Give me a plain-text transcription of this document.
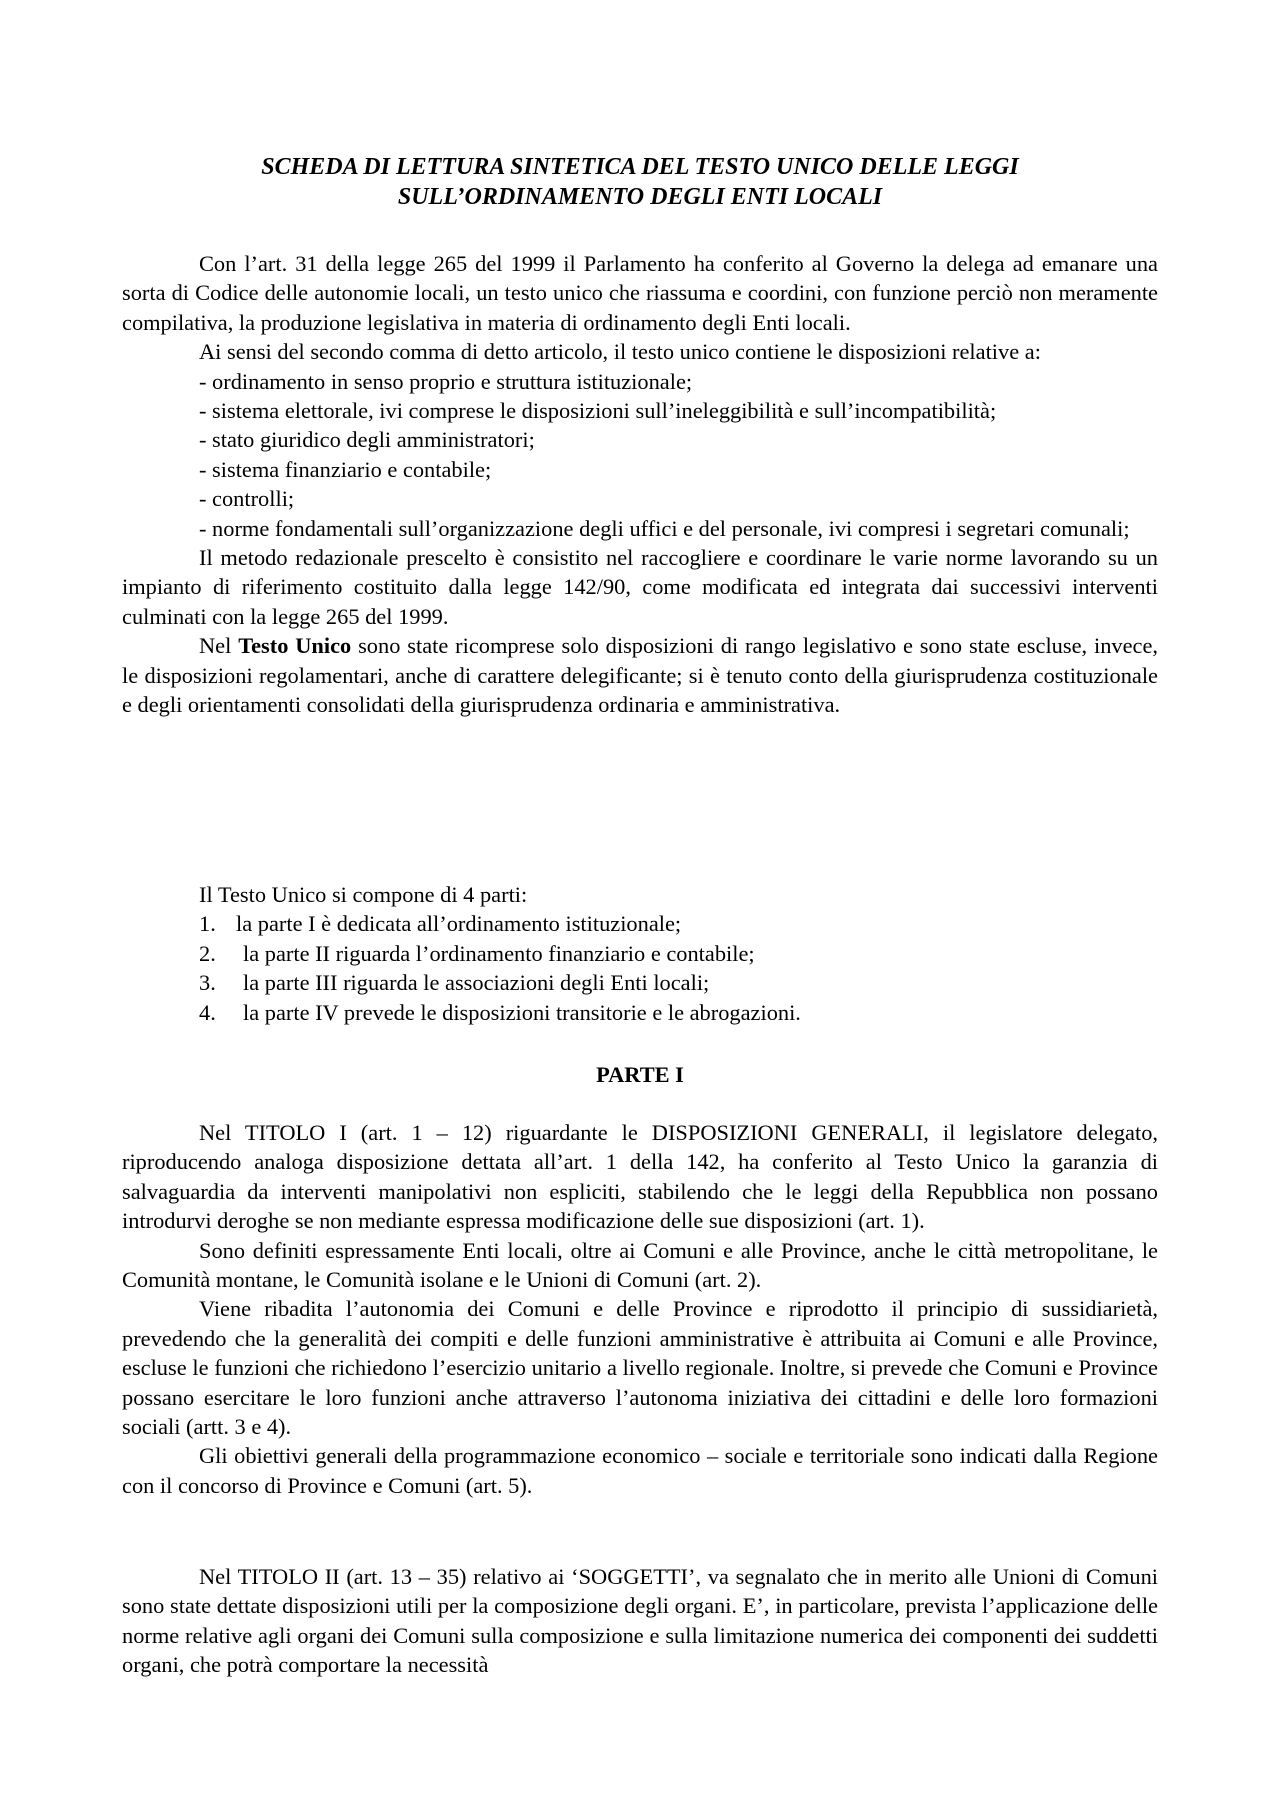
SCHEDA DI LETTURA SINTETICA DEL TESTO UNICO DELLE LEGGI
SULL’ORDINAMENTO DEGLI ENTI LOCALI

Con l’art. 31 della legge 265 del 1999 il Parlamento ha conferito al Governo la delega ad emanare una sorta di Codice delle autonomie locali, un testo unico che riassuma e coordini, con funzione perciò non meramente compilativa, la produzione legislativa in materia di ordinamento degli Enti locali.

Ai sensi del secondo comma di detto articolo, il testo unico contiene le disposizioni relative a:

- ordinamento in senso proprio e struttura istituzionale;
- sistema elettorale, ivi comprese le disposizioni sull’ineleggibilità e sull’incompatibilità;
- stato giuridico degli amministratori;
- sistema finanziario e contabile;
- controlli;
- norme fondamentali sull’organizzazione degli uffici e del personale, ivi compresi i segretari comunali;

Il metodo redazionale prescelto è consistito nel raccogliere e coordinare le varie norme lavorando su un impianto di riferimento costituito dalla legge 142/90, come modificata ed integrata dai successivi interventi culminati con la legge 265 del 1999.

Nel Testo Unico sono state ricomprese solo disposizioni di rango legislativo e sono state escluse, invece, le disposizioni regolamentari, anche di carattere delegificante; si è tenuto conto della giurisprudenza costituzionale e degli orientamenti consolidati della giurisprudenza ordinaria e amministrativa.

Il Testo Unico si compone di 4 parti:

1. la parte I è dedicata all’ordinamento istituzionale;
2.	la parte II riguarda l’ordinamento finanziario e contabile;
3.	la parte III riguarda le associazioni degli Enti locali;
4.	la parte IV prevede le disposizioni transitorie e le abrogazioni.

PARTE I

Nel TITOLO I (art. 1 – 12) riguardante le DISPOSIZIONI GENERALI, il legislatore delegato, riproducendo analoga disposizione dettata all’art. 1 della 142, ha conferito al Testo Unico la garanzia di salvaguardia da interventi manipolativi non espliciti, stabilendo che le leggi della Repubblica non possano introdurvi deroghe se non mediante espressa modificazione delle sue disposizioni (art. 1).

Sono definiti espressamente Enti locali, oltre ai Comuni e alle Province, anche le città metropolitane, le Comunità montane, le Comunità isolane e le Unioni di Comuni (art. 2).

Viene ribadita l’autonomia dei Comuni e delle Province e riprodotto il principio di sussidiarietà, prevedendo che la generalità dei compiti e delle funzioni amministrative è attribuita ai Comuni e alle Province, escluse le funzioni che richiedono l’esercizio unitario a livello regionale. Inoltre, si prevede che Comuni e Province possano esercitare le loro funzioni anche attraverso l’autonoma iniziativa dei cittadini e delle loro formazioni sociali (artt. 3 e 4).

Gli obiettivi generali della programmazione economico – sociale e territoriale sono indicati dalla Regione con il concorso di Province e Comuni (art. 5).

Nel TITOLO II (art. 13 – 35) relativo ai ‘SOGGETTI’, va segnalato che in merito alle Unioni di Comuni sono state dettate disposizioni utili per la composizione degli organi. E’, in particolare, prevista l’applicazione delle norme relative agli organi dei Comuni sulla composizione e sulla limitazione numerica dei componenti dei suddetti organi, che potrà comportare la necessità
